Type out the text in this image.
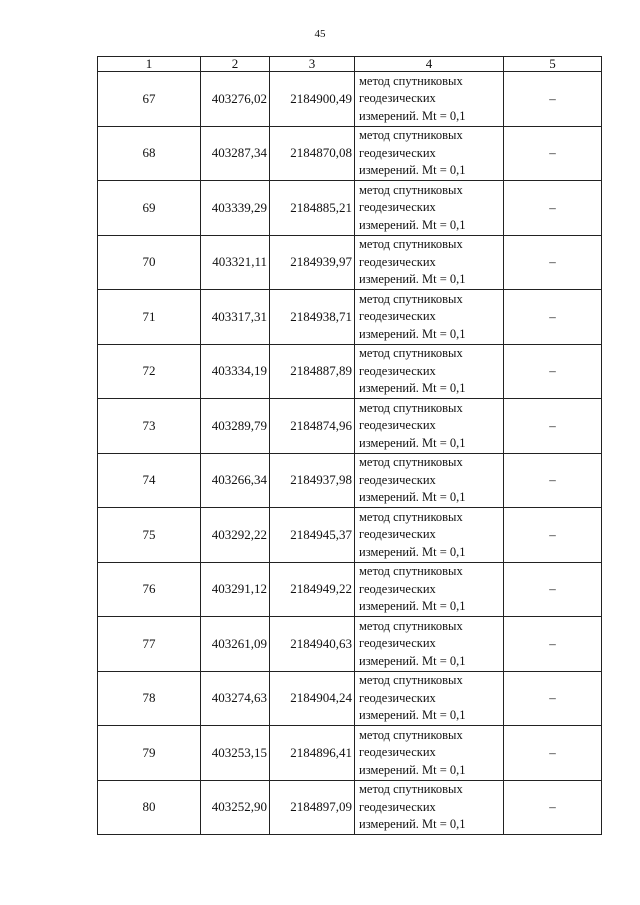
45
1	2	3	4	5
67	403276,02	2184900,49	метод спутниковых
геодезических
измерений. Mt = 0,1	–
68	403287,34	2184870,08	метод спутниковых
геодезических
измерений. Mt = 0,1	–
69	403339,29	2184885,21	метод спутниковых
геодезических
измерений. Mt = 0,1	–
70	403321,11	2184939,97	метод спутниковых
геодезических
измерений. Mt = 0,1	–
71	403317,31	2184938,71	метод спутниковых
геодезических
измерений. Mt = 0,1	–
72	403334,19	2184887,89	метод спутниковых
геодезических
измерений. Mt = 0,1	–
73	403289,79	2184874,96	метод спутниковых
геодезических
измерений. Mt = 0,1	–
74	403266,34	2184937,98	метод спутниковых
геодезических
измерений. Mt = 0,1	–
75	403292,22	2184945,37	метод спутниковых
геодезических
измерений. Mt = 0,1	–
76	403291,12	2184949,22	метод спутниковых
геодезических
измерений. Mt = 0,1	–
77	403261,09	2184940,63	метод спутниковых
геодезических
измерений. Mt = 0,1	–
78	403274,63	2184904,24	метод спутниковых
геодезических
измерений. Mt = 0,1	–
79	403253,15	2184896,41	метод спутниковых
геодезических
измерений. Mt = 0,1	–
80	403252,90	2184897,09	метод спутниковых
геодезических
измерений. Mt = 0,1	–
